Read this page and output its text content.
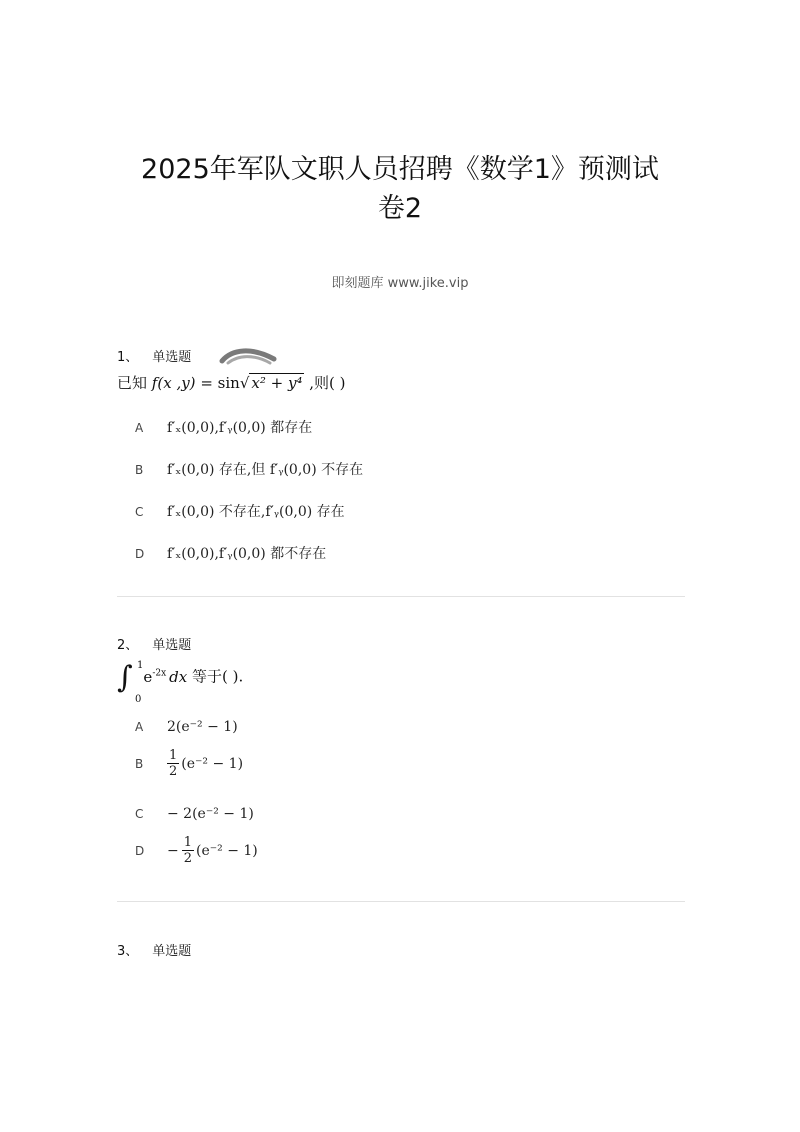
2025年军队文职人员招聘《数学1》预测试
卷2
即刻题库 www.jike.vip
1、 单选题
已知 f(x ,y) = sin√ x² + y⁴ ,则( )
A f′ₓ(0,0),f′ᵧ(0,0) 都存在
B f′ₓ(0,0) 存在,但 f′ᵧ(0,0) 不存在
C f′ₓ(0,0) 不存在,f′ᵧ(0,0) 存在
D f′ₓ(0,0),f′ᵧ(0,0) 都不存在
2、 单选题
∫ 1
0
$e^{-2x}$ dx 等于( ).
A 2(e⁻² − 1)
B $\frac{1}{2} (e^{-2} - 1)$
C − 2(e⁻² − 1)
$D - \frac{1}{2} (e^{-2} - 1)$
3、 单选题
